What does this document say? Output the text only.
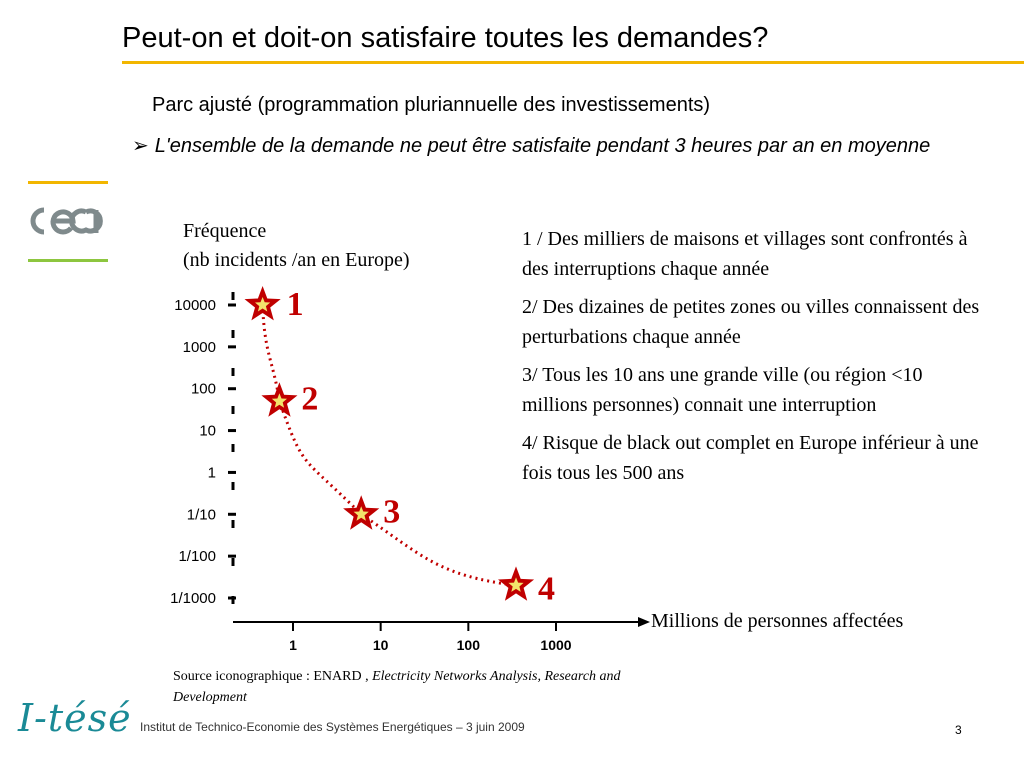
Peut-on et doit-on satisfaire toutes les demandes?
Parc ajusté (programmation pluriannuelle des investissements)
➢ L'ensemble de la demande ne peut être satisfaite pendant 3 heures par an en moyenne
Fréquence
(nb incidents /an en Europe)
10000
1000
100
10
1
1/10
1/100
1/1000
1	10	100	1000
1
2
3
4
Millions de personnes affectées

1 / Des milliers de maisons et villages sont confrontés à des interruptions chaque année

2/ Des dizaines de petites zones ou villes connaissent des perturbations chaque année

3/ Tous les 10 ans une grande ville (ou région <10 millions personnes) connait une interruption

4/ Risque de black out complet en Europe inférieur à une fois tous les 500 ans

Source iconographique : ENARD , Electricity Networks Analysis, Research and Development
I-tésé Institut de Technico-Economie des Systèmes Energétiques – 3 juin 2009	3
